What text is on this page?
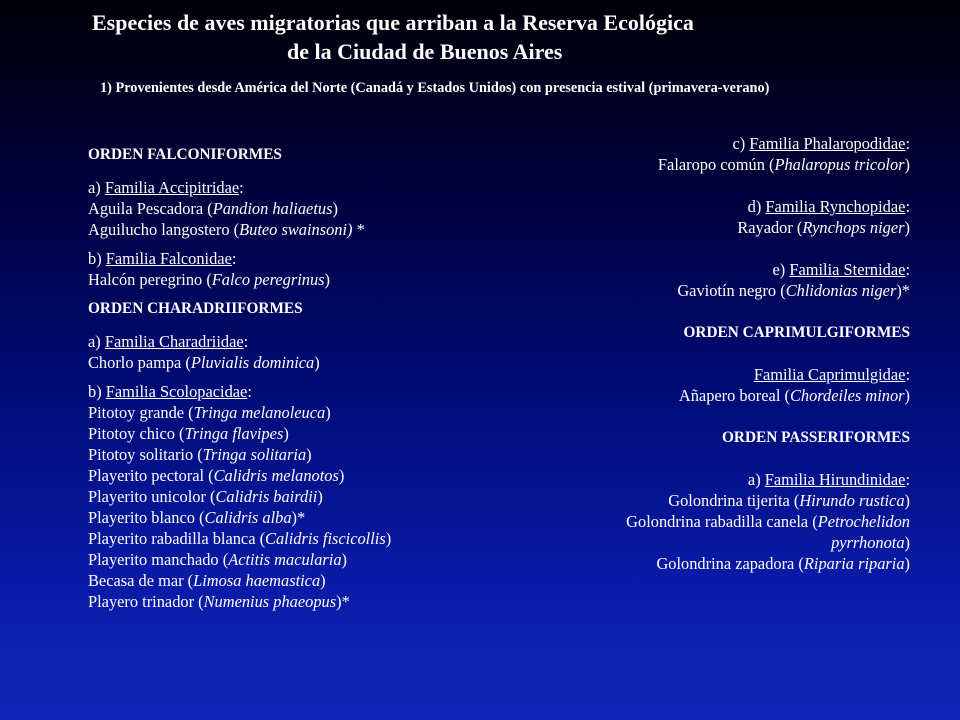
Especies de aves migratorias que arriban a la Reserva Ecológica
de la Ciudad de Buenos Aires
1) Provenientes desde América del Norte (Canadá y Estados Unidos) con presencia estival (primavera-verano)
ORDEN FALCONIFORMES
a) Familia Accipitridae:
Aguila Pescadora (Pandion haliaetus)
Aguilucho langostero (Buteo swainsoni) *
b) Familia Falconidae:
Halcón peregrino (Falco peregrinus)
ORDEN CHARADRIIFORMES
a) Familia Charadriidae:
Chorlo pampa (Pluvialis dominica)
b) Familia Scolopacidae:
Pitotoy grande (Tringa melanoleuca)
Pitotoy chico (Tringa flavipes)
Pitotoy solitario (Tringa solitaria)
Playerito pectoral (Calidris melanotos)
Playerito unicolor (Calidris bairdii)
Playerito blanco (Calidris alba)*
Playerito rabadilla blanca (Calidris fiscicollis)
Playerito manchado (Actitis macularia)
Becasa de mar (Limosa haemastica)
Playero trinador (Numenius phaeopus)*
c) Familia Phalaropodidae:
Falaropo común (Phalaropus tricolor)
d) Familia Rynchopidae:
Rayador (Rynchops niger)
e) Familia Sternidae:
Gaviotín negro (Chlidonias niger)*
ORDEN CAPRIMULGIFORMES
Familia Caprimulgidae:
Añapero boreal (Chordeiles minor)
ORDEN PASSERIFORMES
a) Familia Hirundinidae:
Golondrina tijerita (Hirundo rustica)
Golondrina rabadilla canela (Petrochelidon
pyrrhonota)
Golondrina zapadora (Riparia riparia)
